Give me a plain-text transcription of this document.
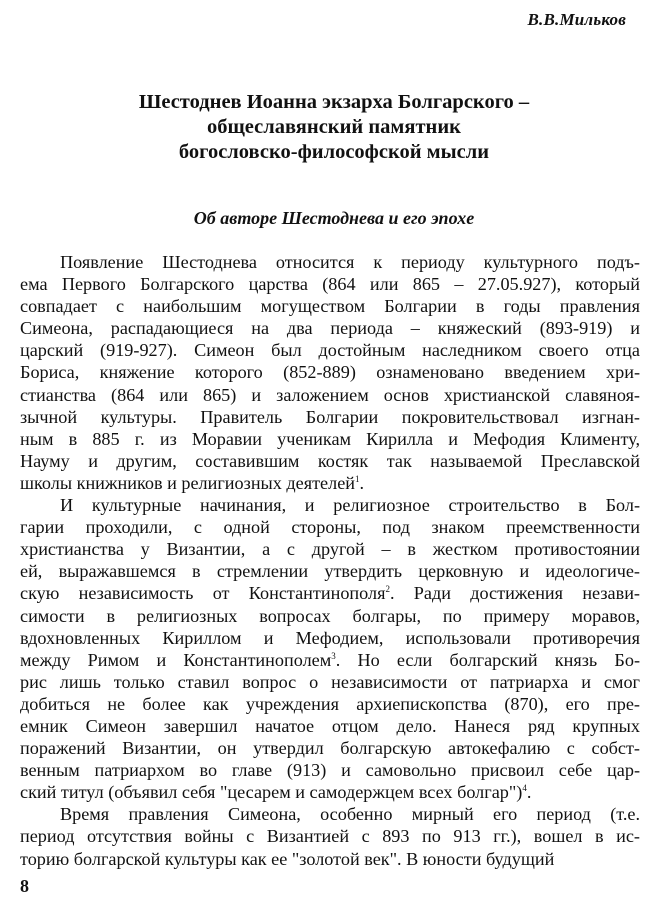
В.В.Мильков
Шестоднев Иоанна экзарха Болгарского –
общеславянский памятник
богословско-философской мысли
Об авторе Шестоднева и его эпохе
Появление Шестоднева относится к периоду культурного подъ-
ема Первого Болгарского царства (864 или 865 – 27.05.927), который
совпадает с наибольшим могуществом Болгарии в годы правления
Симеона, распадающиеся на два периода – княжеский (893-919) и
царский (919-927). Симеон был достойным наследником своего отца
Бориса, княжение которого (852-889) ознаменовано введением хри-
стианства (864 или 865) и заложением основ христианской славяноя-
зычной культуры. Правитель Болгарии покровительствовал изгнан-
ным в 885 г. из Моравии ученикам Кирилла и Мефодия Клименту,
Науму и другим, составившим костяк так называемой Преславской
школы книжников и религиозных деятелей$^1$.
И культурные начинания, и религиозное строительство в Бол-
гарии проходили, с одной стороны, под знаком преемственности
христианства у Византии, а с другой – в жестком противостоянии
ей, выражавшемся в стремлении утвердить церковную и идеологиче-
скую независимость от Константинополя$^2$. Ради достижения незави-
симости в религиозных вопросах болгары, по примеру моравов,
вдохновленных Кириллом и Мефодием, использовали противоречия
между Римом и Константинополем$^3$. Но если болгарский князь Бо-
рис лишь только ставил вопрос о независимости от патриарха и смог
добиться не более как учреждения архиепископства (870), его пре-
емник Симеон завершил начатое отцом дело. Нанеся ряд крупных
поражений Византии, он утвердил болгарскую автокефалию с собст-
венным патриархом во главе (913) и самовольно присвоил себе цар-
ский титул (объявил себя "цесарем и самодержцем всех болгар")$^4$.
Время правления Симеона, особенно мирный его период (т.е.
период отсутствия войны с Византией с 893 по 913 гг.), вошел в ис-
торию болгарской культуры как ее "золотой век". В юности будущий
8
